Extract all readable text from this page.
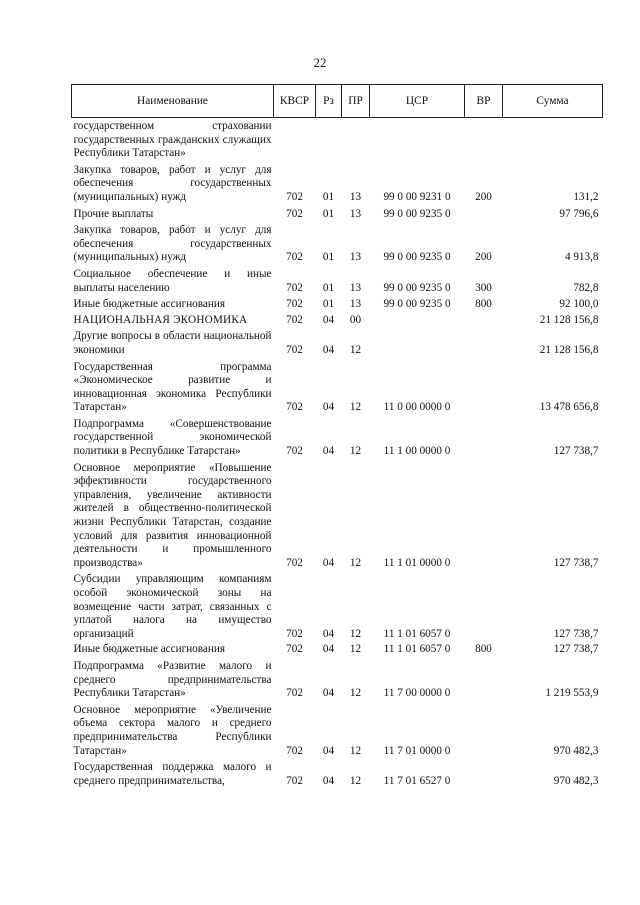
22
Наименование	КВСР	Рз	ПР	ЦСР	ВР	Сумма
государственном страховании государственных гражданских служащих Республики Татарстан»						
Закупка товаров, работ и услуг для обеспечения государственных (муниципальных) нужд	702	01	13	99 0 00 9231 0	200	131,2
Прочие выплаты	702	01	13	99 0 00 9235 0		97 796,6
Закупка товаров, работ и услуг для обеспечения государственных (муниципальных) нужд	702	01	13	99 0 00 9235 0	200	4 913,8
Социальное обеспечение и иные выплаты населению	702	01	13	99 0 00 9235 0	300	782,8
Иные бюджетные ассигнования	702	01	13	99 0 00 9235 0	800	92 100,0
НАЦИОНАЛЬНАЯ ЭКОНОМИКА	702	04	00			21 128 156,8
Другие вопросы в области национальной экономики	702	04	12			21 128 156,8
Государственная программа «Экономическое развитие и инновационная экономика Республики Татарстан»	702	04	12	11 0 00 0000 0		13 478 656,8
Подпрограмма «Совершенствование государственной экономической политики в Республике Татарстан»	702	04	12	11 1 00 0000 0		127 738,7
Основное мероприятие «Повышение эффективности государственного управления, увеличение активности жителей в общественно-политической жизни Республики Татарстан, создание условий для развития инновационной деятельности и промышленного производства»	702	04	12	11 1 01 0000 0		127 738,7
Субсидии управляющим компаниям особой экономической зоны на возмещение части затрат, связанных с уплатой налога на имущество организаций	702	04	12	11 1 01 6057 0		127 738,7
Иные бюджетные ассигнования	702	04	12	11 1 01 6057 0	800	127 738,7
Подпрограмма «Развитие малого и среднего предпринимательства Республики Татарстан»	702	04	12	11 7 00 0000 0		1 219 553,9
Основное мероприятие «Увеличение объема сектора малого и среднего предпринимательства Республики Татарстан»	702	04	12	11 7 01 0000 0		970 482,3
Государственная поддержка малого и среднего предпринимательства,	702	04	12	11 7 01 6527 0		970 482,3
